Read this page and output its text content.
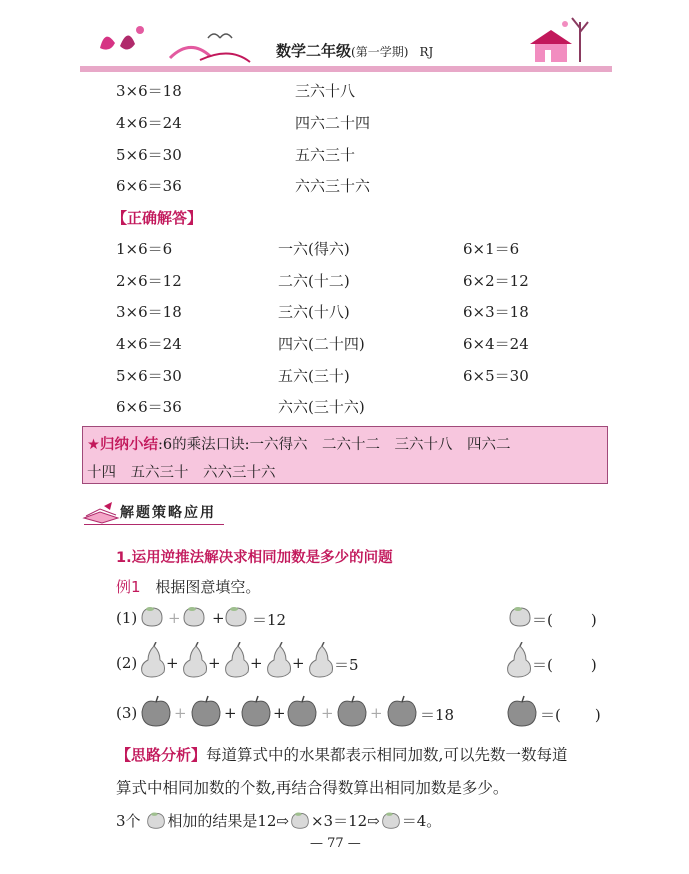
数学二年级(第一学期) RJ
3×6＝18	三六十八
4×6＝24	四六二十四
5×6＝30	五六三十
6×6＝36	六六三十六
【正确解答】
1×6＝6	一六(得六)	6×1＝6
2×6＝12	二六(十二)	6×2＝12
3×6＝18	三六(十八)	6×3＝18
4×6＝24	四六(二十四)	6×4＝24
5×6＝30	五六(三十)	6×5＝30
6×6＝36	六六(三十六)
★归纳小结:6的乘法口诀:一六得六　二六十二　三六十八　四六二
十四　五六三十　六六三十六
解题策略应用
1.运用逆推法解决求相同加数是多少的问题
例1 根据图意填空。
(1) + + ＝12	＝(	)
(2) + + + + ＝5	＝(	)
(3) + + + + + ＝18	＝( )
【思路分析】每道算式中的水果都表示相同加数,可以先数一数每道
算式中相同加数的个数,再结合得数算出相同加数是多少。
3个 相加的结果是12⇨ ×3＝12⇨ ＝4。
— 77 —
